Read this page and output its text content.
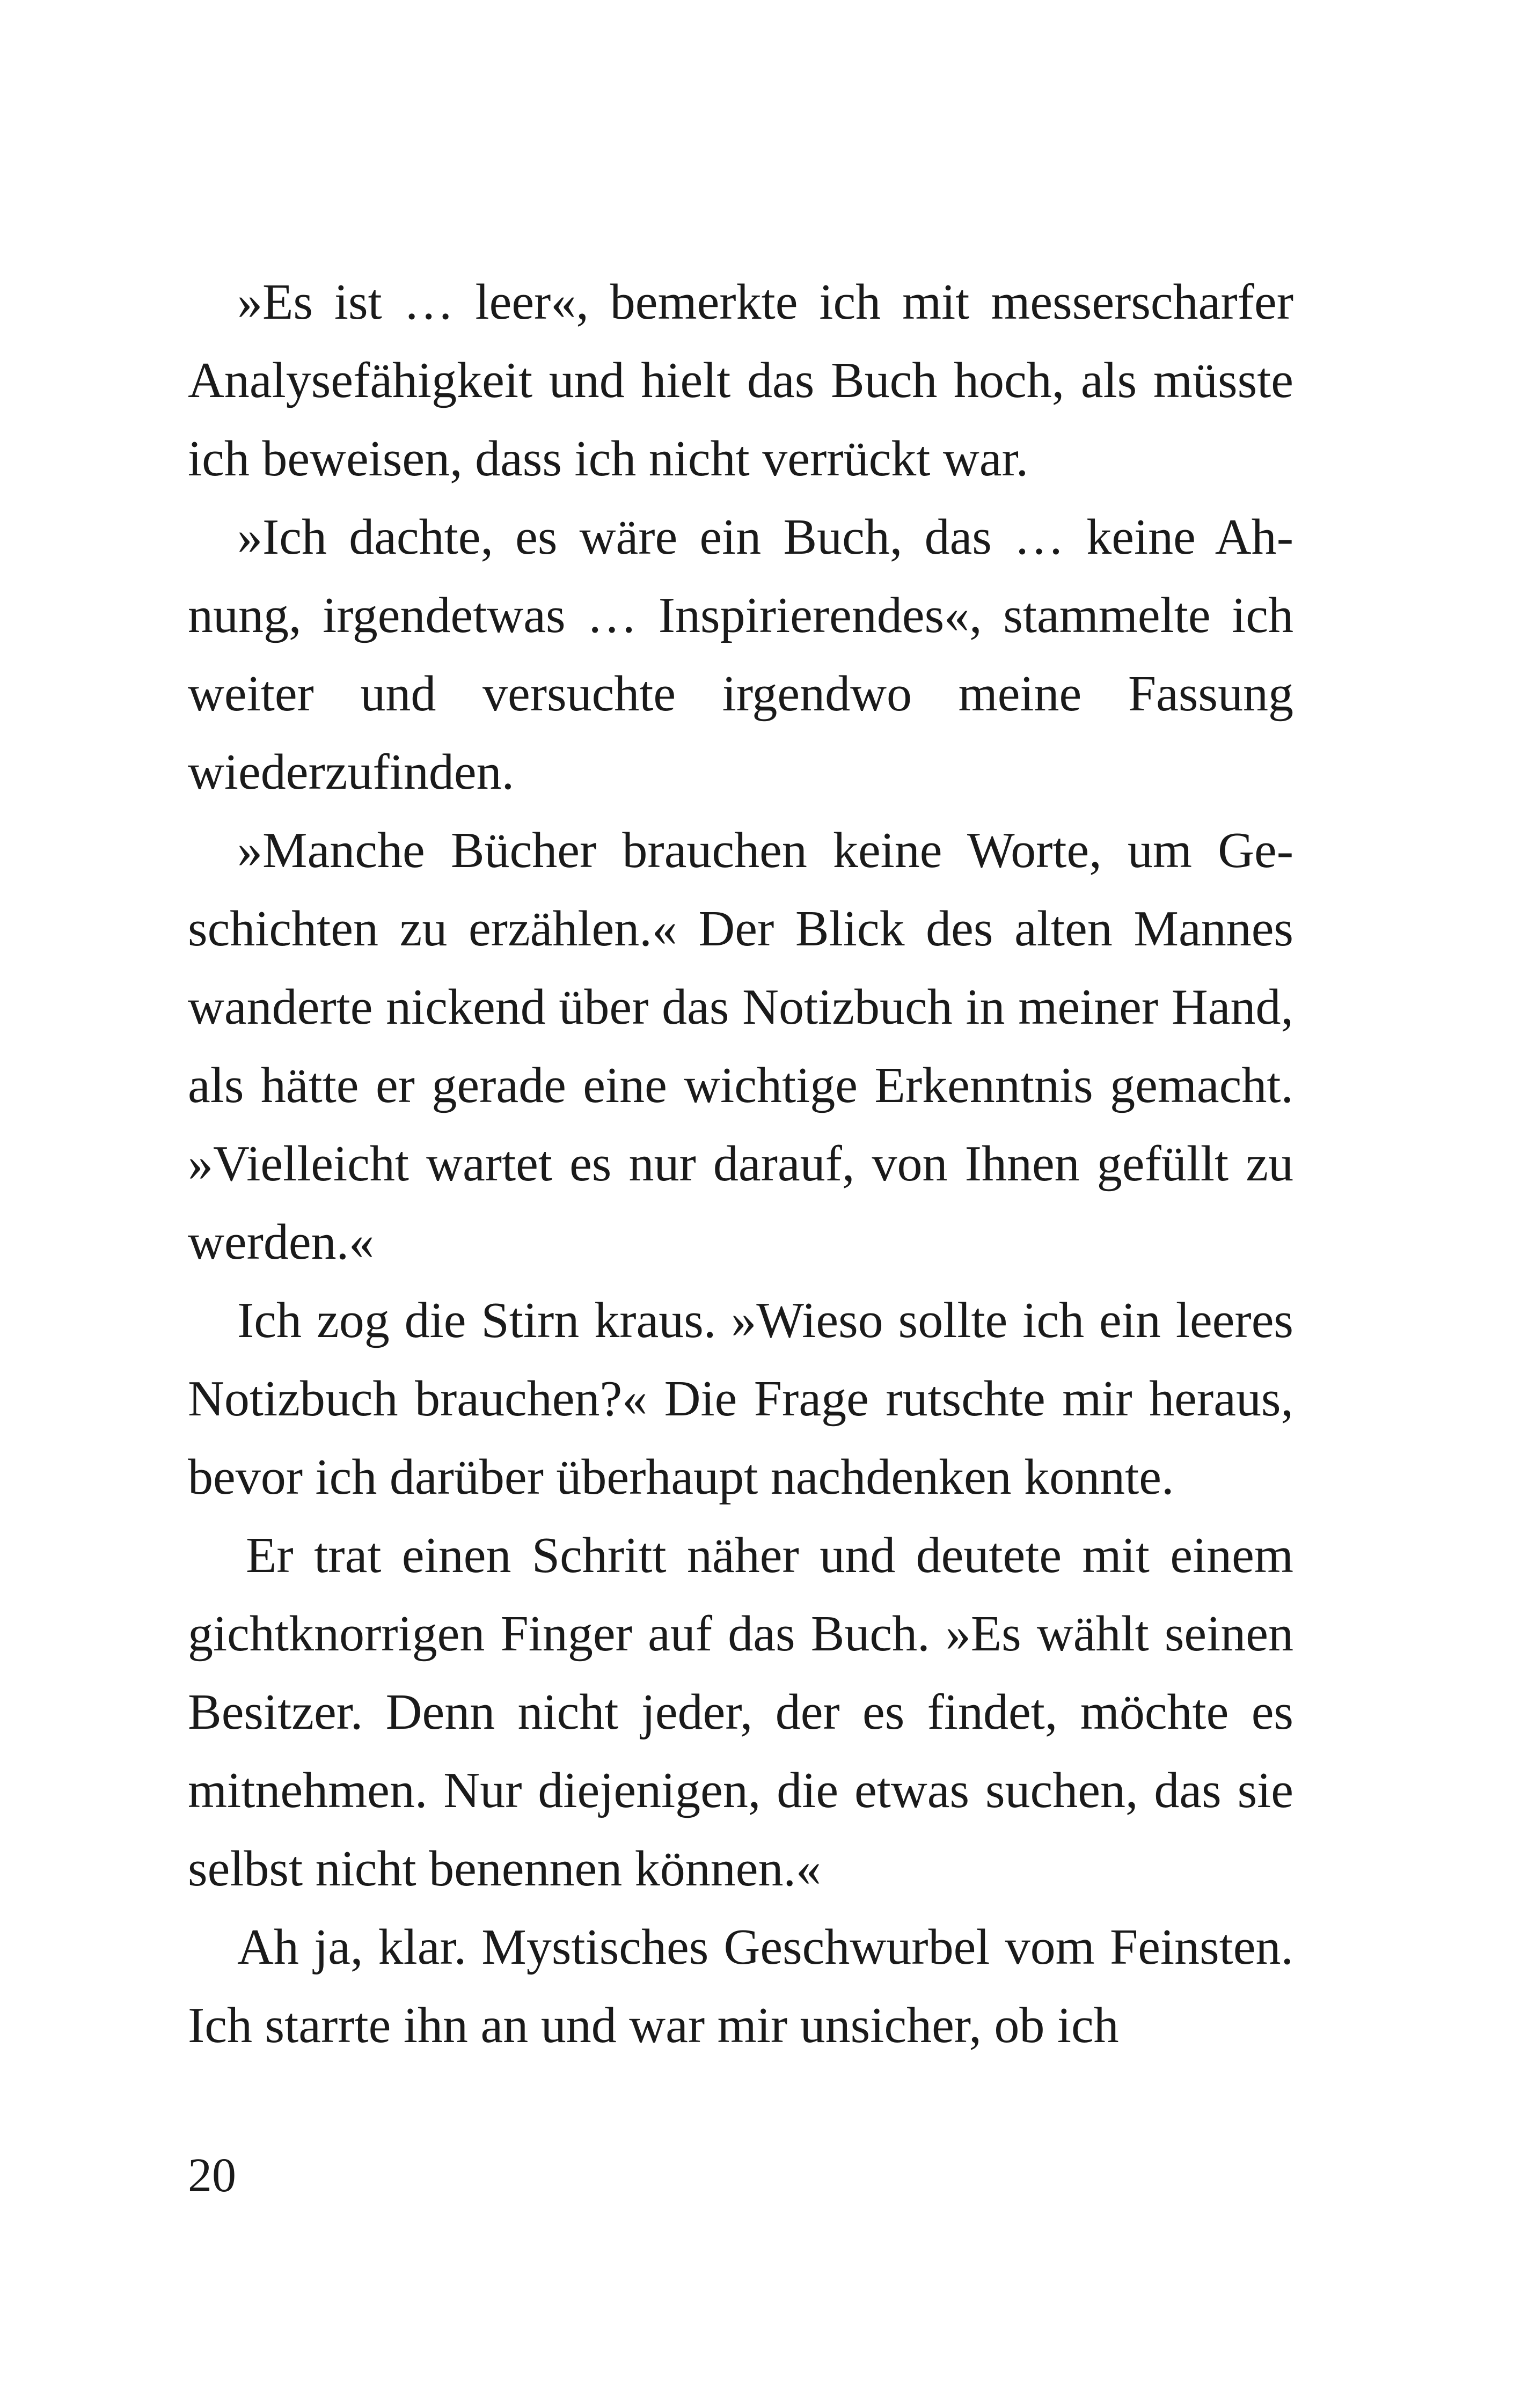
»Es ist … leer«, bemerkte ich mit messerscharfer Analysefähigkeit und hielt das Buch hoch, als müsste ich beweisen, dass ich nicht verrückt war.

»Ich dachte, es wäre ein Buch, das … keine Ahnung, irgendetwas … Inspirierendes«, stammelte ich weiter und versuchte irgendwo meine Fassung wiederzufinden.

»Manche Bücher brauchen keine Worte, um Geschichten zu erzählen.« Der Blick des alten Mannes wanderte nickend über das Notizbuch in meiner Hand, als hätte er gerade eine wichtige Erkenntnis gemacht. »Vielleicht wartet es nur darauf, von Ihnen gefüllt zu werden.«

Ich zog die Stirn kraus. »Wieso sollte ich ein leeres Notizbuch brauchen?« Die Frage rutschte mir heraus, bevor ich darüber überhaupt nachdenken konnte.

Er trat einen Schritt näher und deutete mit einem gichtknorrigen Finger auf das Buch. »Es wählt seinen Besitzer. Denn nicht jeder, der es findet, möchte es mitnehmen. Nur diejenigen, die etwas suchen, das sie selbst nicht benennen können.«

Ah ja, klar. Mystisches Geschwurbel vom Feinsten. Ich starrte ihn an und war mir unsicher, ob ich

20
